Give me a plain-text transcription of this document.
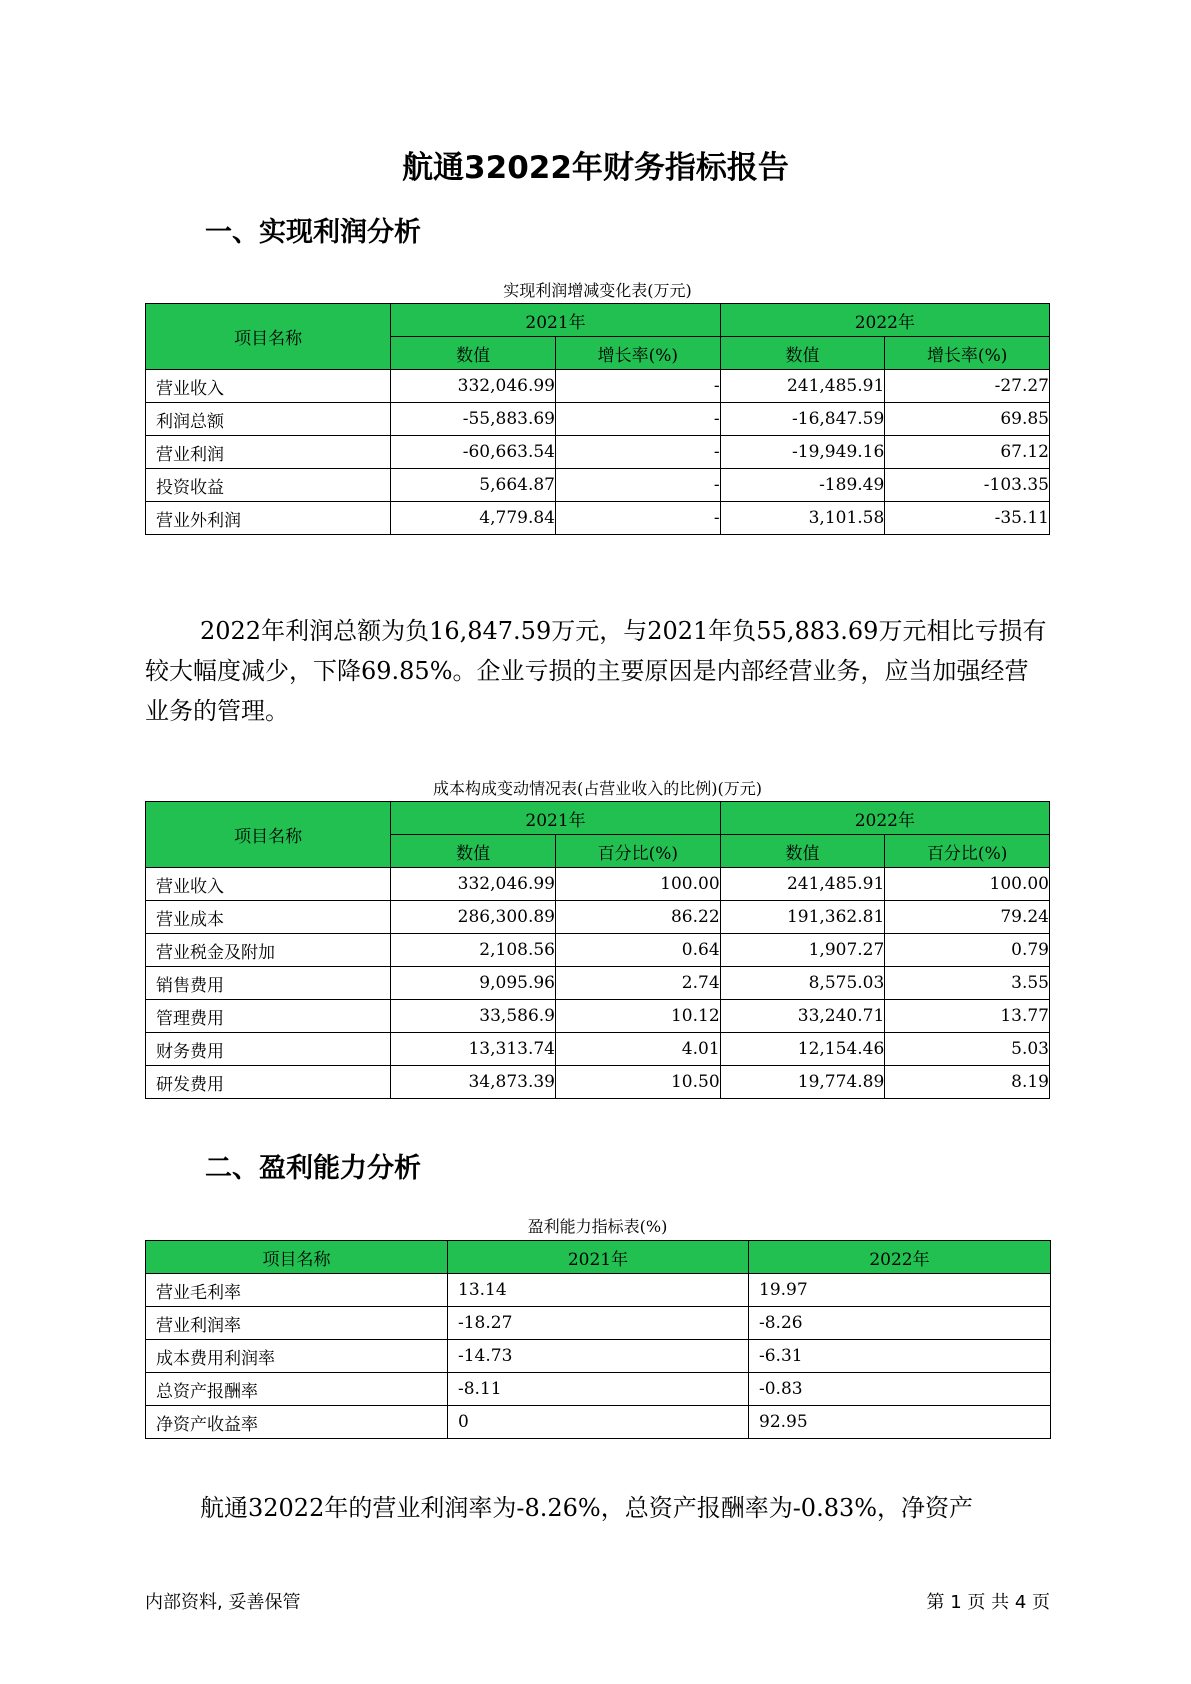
航通32022年财务指标报告
一、实现利润分析

实现利润增减变化表(万元)

项目名称	2021年		2022年	
	数值	增长率(%)	数值	增长率(%)
营业收入	332,046.99	-	241,485.91	-27.27
利润总额	-55,883.69	-	-16,847.59	69.85
营业利润	-60,663.54	-	-19,949.16	67.12
投资收益	5,664.87	-	-189.49	-103.35
营业外利润	4,779.84	-	3,101.58	-35.11

2022年利润总额为负16,847.59万元，与2021年负55,883.69万元相比亏损有较大幅度减少，下降69.85%。企业亏损的主要原因是内部经营业务，应当加强经营业务的管理。

成本构成变动情况表(占营业收入的比例)(万元)

项目名称	2021年		2022年	
	数值	百分比(%)	数值	百分比(%)
营业收入	332,046.99	100.00	241,485.91	100.00
营业成本	286,300.89	86.22	191,362.81	79.24
营业税金及附加	2,108.56	0.64	1,907.27	0.79
销售费用	9,095.96	2.74	8,575.03	3.55
管理费用	33,586.9	10.12	33,240.71	13.77
财务费用	13,313.74	4.01	12,154.46	5.03
研发费用	34,873.39	10.50	19,774.89	8.19
二、盈利能力分析

盈利能力指标表(%)

项目名称	2021年	2022年
营业毛利率	13.14	19.97
营业利润率	-18.27	-8.26
成本费用利润率	-14.73	-6.31
总资产报酬率	-8.11	-0.83
净资产收益率	0	92.95

航通32022年的营业利润率为-8.26%，总资产报酬率为-0.83%，净资产

内部资料, 妥善保管	第 1 页 共 4 页
